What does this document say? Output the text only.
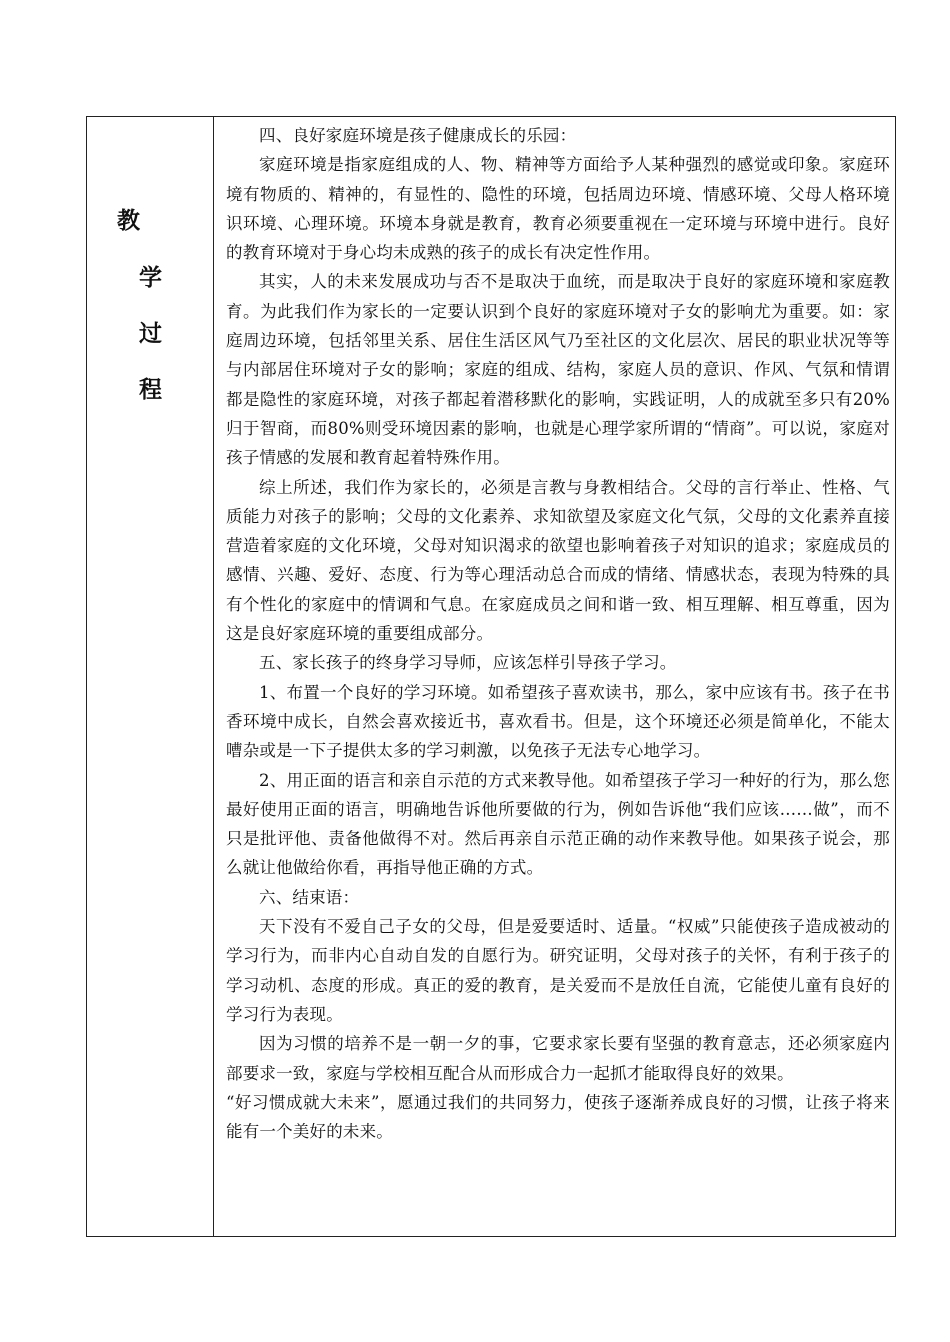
教
学
过
程

四、良好家庭环境是孩子健康成长的乐园：

家庭环境是指家庭组成的人、物、精神等方面给予人某种强烈的感觉或印象。家庭环境有物质的、精神的，有显性的、隐性的环境，包括周边环境、情感环境、父母人格环境识环境、心理环境。环境本身就是教育，教育必须要重视在一定环境与环境中进行。良好的教育环境对于身心均未成熟的孩子的成长有决定性作用。

其实，人的未来发展成功与否不是取决于血统，而是取决于良好的家庭环境和家庭教育。为此我们作为家长的一定要认识到个良好的家庭环境对子女的影响尤为重要。如：家庭周边环境，包括邻里关系、居住生活区风气乃至社区的文化层次、居民的职业状况等等与内部居住环境对子女的影响；家庭的组成、结构，家庭人员的意识、作风、气氛和情谓都是隐性的家庭环境，对孩子都起着潜移默化的影响，实践证明，人的成就至多只有20%归于智商，而80%则受环境因素的影响，也就是心理学家所谓的“情商”。可以说，家庭对孩子情感的发展和教育起着特殊作用。

综上所述，我们作为家长的，必须是言教与身教相结合。父母的言行举止、性格、气质能力对孩子的影响；父母的文化素养、求知欲望及家庭文化气氛，父母的文化素养直接营造着家庭的文化环境，父母对知识渴求的欲望也影响着孩子对知识的追求；家庭成员的感情、兴趣、爱好、态度、行为等心理活动总合而成的情绪、情感状态，表现为特殊的具有个性化的家庭中的情调和气息。在家庭成员之间和谐一致、相互理解、相互尊重，因为这是良好家庭环境的重要组成部分。

五、家长孩子的终身学习导师，应该怎样引导孩子学习。

1、布置一个良好的学习环境。如希望孩子喜欢读书，那么，家中应该有书。孩子在书香环境中成长，自然会喜欢接近书，喜欢看书。但是，这个环境还必须是简单化，不能太嘈杂或是一下子提供太多的学习刺激，以免孩子无法专心地学习。

2、用正面的语言和亲自示范的方式来教导他。如希望孩子学习一种好的行为，那么您最好使用正面的语言，明确地告诉他所要做的行为，例如告诉他“我们应该……做”，而不只是批评他、责备他做得不对。然后再亲自示范正确的动作来教导他。如果孩子说会，那么就让他做给你看，再指导他正确的方式。

六、结束语：

天下没有不爱自己子女的父母，但是爱要适时、适量。“权威”只能使孩子造成被动的学习行为，而非内心自动自发的自愿行为。研究证明，父母对孩子的关怀，有利于孩子的学习动机、态度的形成。真正的爱的教育，是关爱而不是放任自流，它能使儿童有良好的学习行为表现。

因为习惯的培养不是一朝一夕的事，它要求家长要有坚强的教育意志，还必须家庭内部要求一致，家庭与学校相互配合从而形成合力一起抓才能取得良好的效果。

“好习惯成就大未来”，愿通过我们的共同努力，使孩子逐渐养成良好的习惯，让孩子将来能有一个美好的未来。
